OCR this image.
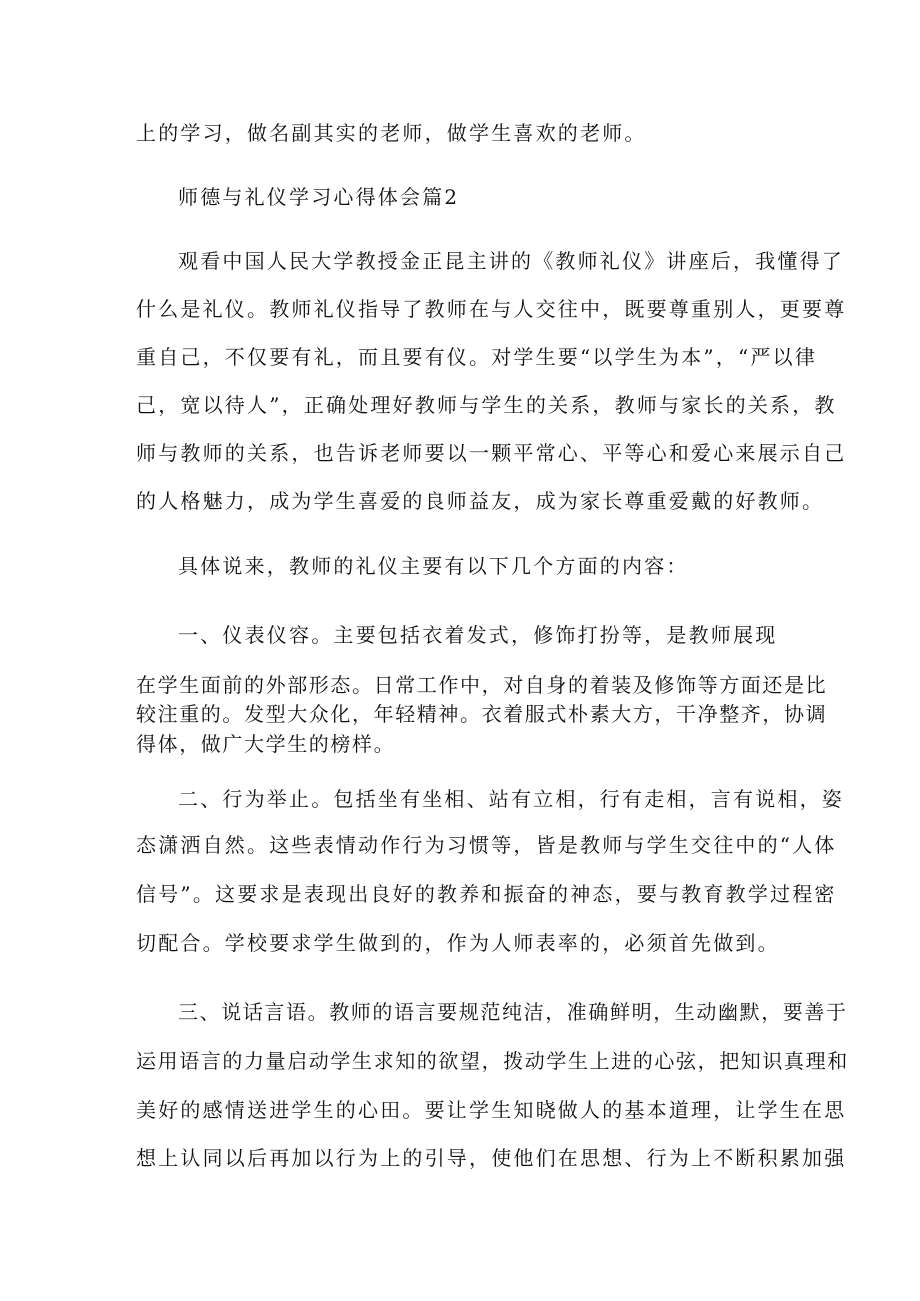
上的学习，做名副其实的老师，做学生喜欢的老师。
师德与礼仪学习心得体会篇2
观看中国人民大学教授金正昆主讲的《教师礼仪》讲座后，我懂得了
什么是礼仪。教师礼仪指导了教师在与人交往中，既要尊重别人，更要尊
重自己，不仅要有礼，而且要有仪。对学生要“以学生为本”，“严以律
己，宽以待人”，正确处理好教师与学生的关系，教师与家长的关系，教
师与教师的关系，也告诉老师要以一颗平常心、平等心和爱心来展示自己
的人格魅力，成为学生喜爱的良师益友，成为家长尊重爱戴的好教师。
具体说来，教师的礼仪主要有以下几个方面的内容：
一、仪表仪容。主要包括衣着发式，修饰打扮等，是教师展现
在学生面前的外部形态。日常工作中，对自身的着装及修饰等方面还是比
较注重的。发型大众化，年轻精神。衣着服式朴素大方，干净整齐，协调
得体，做广大学生的榜样。
二、行为举止。包括坐有坐相、站有立相，行有走相，言有说相，姿
态潇洒自然。这些表情动作行为习惯等，皆是教师与学生交往中的“人体
信号”。这要求是表现出良好的教养和振奋的神态，要与教育教学过程密
切配合。学校要求学生做到的，作为人师表率的，必须首先做到。
三、说话言语。教师的语言要规范纯洁，准确鲜明，生动幽默，要善于
运用语言的力量启动学生求知的欲望，拨动学生上进的心弦，把知识真理和
美好的感情送进学生的心田。要让学生知晓做人的基本道理，让学生在思
想上认同以后再加以行为上的引导，使他们在思想、行为上不断积累加强
